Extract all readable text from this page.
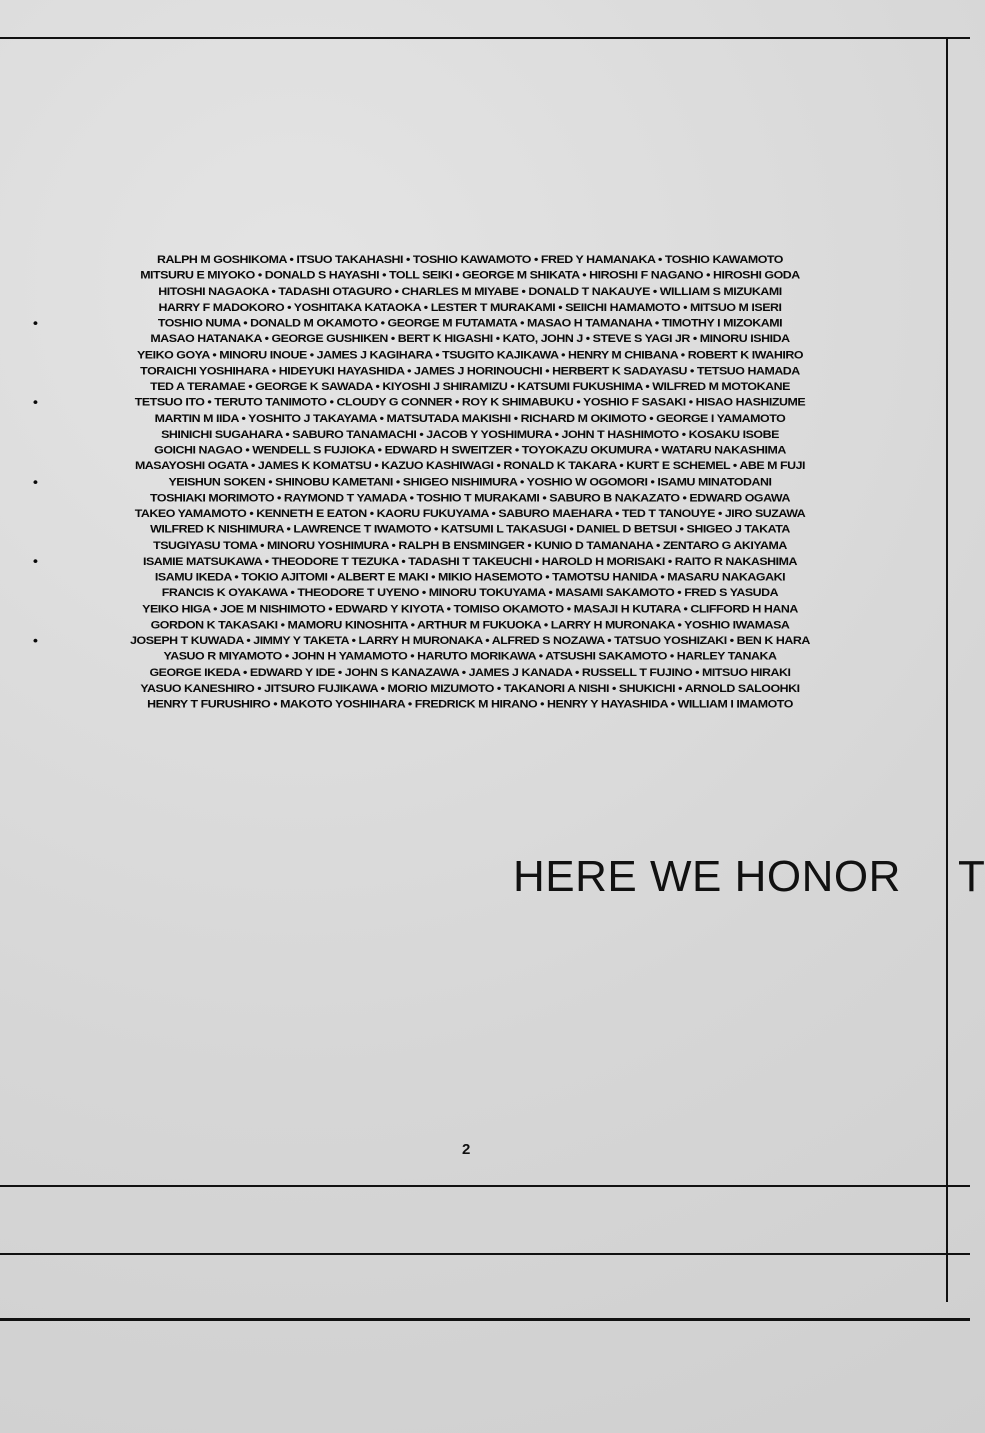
RALPH M GOSHIKOMA • ITSUO TAKAHASHI • TOSHIO KAWAMOTO • FRED Y HAMANAKA • TOSHIO KAWAMOTO
MITSURU E MIYOKO • DONALD S HAYASHI • TOLL SEIKI • GEORGE M SHIKATA • HIROSHI F NAGANO • HIROSHI GODA
HITOSHI NAGAOKA • TADASHI OTAGURO • CHARLES M MIYABE • DONALD T NAKAUYE • WILLIAM S MIZUKAMI
HARRY F MADOKORO • YOSHITAKA KATAOKA • LESTER T MURAKAMI • SEIICHI HAMAMOTO • MITSUO M ISERI
•	TOSHIO NUMA • DONALD M OKAMOTO • GEORGE M FUTAMATA • MASAO H TAMANAHA • TIMOTHY I MIZOKAMI
MASAO HATANAKA • GEORGE GUSHIKEN • BERT K HIGASHI • KATO, JOHN J • STEVE S YAGI JR • MINORU ISHIDA
YEIKO GOYA • MINORU INOUE • JAMES J KAGIHARA • TSUGITO KAJIKAWA • HENRY M CHIBANA • ROBERT K IWAHIRO
TORAICHI YOSHIHARA • HIDEYUKI HAYASHIDA • JAMES J HORINOUCHI • HERBERT K SADAYASU • TETSUO HAMADA
TED A TERAMAE • GEORGE K SAWADA • KIYOSHI J SHIRAMIZU • KATSUMI FUKUSHIMA • WILFRED M MOTOKANE
•	TETSUO ITO • TERUTO TANIMOTO • CLOUDY G CONNER • ROY K SHIMABUKU • YOSHIO F SASAKI • HISAO HASHIZUME
MARTIN M IIDA • YOSHITO J TAKAYAMA • MATSUTADA MAKISHI • RICHARD M OKIMOTO • GEORGE I YAMAMOTO
SHINICHI SUGAHARA • SABURO TANAMACHI • JACOB Y YOSHIMURA • JOHN T HASHIMOTO • KOSAKU ISOBE
GOICHI NAGAO • WENDELL S FUJIOKA • EDWARD H SWEITZER • TOYOKAZU OKUMURA • WATARU NAKASHIMA
MASAYOSHI OGATA • JAMES K KOMATSU • KAZUO KASHIWAGI • RONALD K TAKARA • KURT E SCHEMEL • ABE M FUJI
•	YEISHUN SOKEN • SHINOBU KAMETANI • SHIGEO NISHIMURA • YOSHIO W OGOMORI • ISAMU MINATODANI
TOSHIAKI MORIMOTO • RAYMOND T YAMADA • TOSHIO T MURAKAMI • SABURO B NAKAZATO • EDWARD OGAWA
TAKEO YAMAMOTO • KENNETH E EATON • KAORU FUKUYAMA • SABURO MAEHARA • TED T TANOUYE • JIRO SUZAWA
WILFRED K NISHIMURA • LAWRENCE T IWAMOTO • KATSUMI L TAKASUGI • DANIEL D BETSUI • SHIGEO J TAKATA
TSUGIYASU TOMA • MINORU YOSHIMURA • RALPH B ENSMINGER • KUNIO D TAMANAHA • ZENTARO G AKIYAMA
•	ISAMIE MATSUKAWA • THEODORE T TEZUKA • TADASHI T TAKEUCHI • HAROLD H MORISAKI • RAITO R NAKASHIMA
ISAMU IKEDA • TOKIO AJITOMI • ALBERT E MAKI • MIKIO HASEMOTO • TAMOTSU HANIDA • MASARU NAKAGAKI
FRANCIS K OYAKAWA • THEODORE T UYENO • MINORU TOKUYAMA • MASAMI SAKAMOTO • FRED S YASUDA
YEIKO HIGA • JOE M NISHIMOTO • EDWARD Y KIYOTA • TOMISO OKAMOTO • MASAJI H KUTARA • CLIFFORD H HANA
GORDON K TAKASAKI • MAMORU KINOSHITA • ARTHUR M FUKUOKA • LARRY H MURONAKA • YOSHIO IWAMASA
•	JOSEPH T KUWADA • JIMMY Y TAKETA • LARRY H MURONAKA • ALFRED S NOZAWA • TATSUO YOSHIZAKI • BEN K HARA
YASUO R MIYAMOTO • JOHN H YAMAMOTO • HARUTO MORIKAWA • ATSUSHI SAKAMOTO • HARLEY TANAKA
GEORGE IKEDA • EDWARD Y IDE • JOHN S KANAZAWA • JAMES J KANADA • RUSSELL T FUJINO • MITSUO HIRAKI
YASUO KANESHIRO • JITSURO FUJIKAWA • MORIO MIZUMOTO • TAKANORI A NISHI • SHUKICHI • ARNOLD SALOOHKI
HENRY T FURUSHIRO • MAKOTO YOSHIHARA • FREDRICK M HIRANO • HENRY Y HAYASHIDA • WILLIAM I IMAMOTO
HERE WE HONOR T
2
